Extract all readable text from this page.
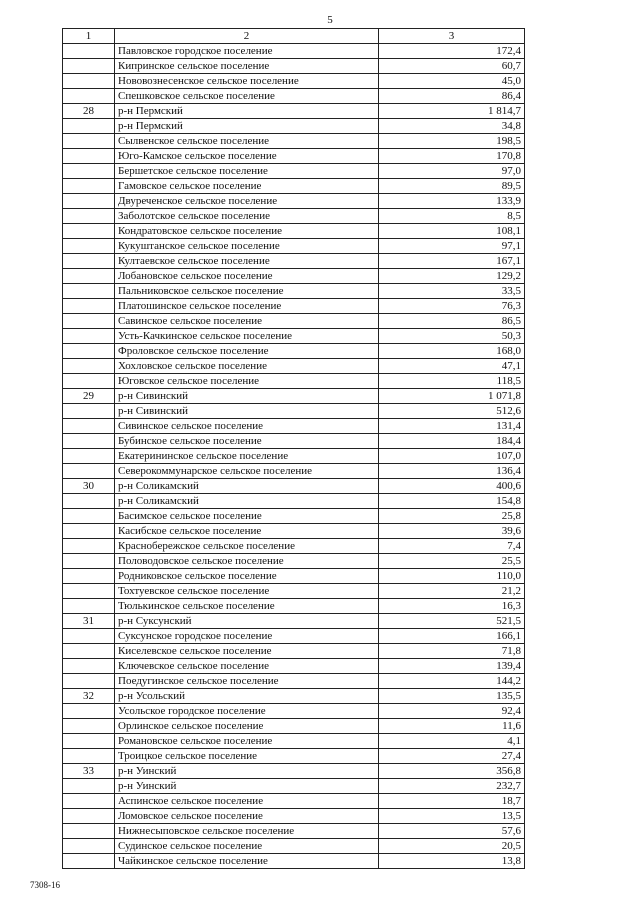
5
1	2	3
	Павловское городское поселение	172,4
	Кипринское сельское поселение	60,7
	Нововознесенское сельское поселение	45,0
	Спешковское сельское поселение	86,4
28	р-н Пермский	1 814,7
	р-н Пермский	34,8
	Сылвенское сельское поселение	198,5
	Юго-Камское сельское поселение	170,8
	Бершетское сельское поселение	97,0
	Гамовское сельское поселение	89,5
	Двуреченское сельское поселение	133,9
	Заболотское сельское поселение	8,5
	Кондратовское сельское поселение	108,1
	Кукуштанское сельское поселение	97,1
	Култаевское сельское поселение	167,1
	Лобановское сельское поселение	129,2
	Пальниковское сельское поселение	33,5
	Платошинское сельское поселение	76,3
	Савинское сельское поселение	86,5
	Усть-Качкинское сельское поселение	50,3
	Фроловское сельское поселение	168,0
	Хохловское сельское поселение	47,1
	Юговское сельское поселение	118,5
29	р-н Сивинский	1 071,8
	р-н Сивинский	512,6
	Сивинское сельское поселение	131,4
	Бубинское сельское поселение	184,4
	Екатерининское сельское поселение	107,0
	Северокоммунарское сельское поселение	136,4
30	р-н Соликамский	400,6
	р-н Соликамский	154,8
	Басимское сельское поселение	25,8
	Касибское сельское поселение	39,6
	Краснобережское сельское поселение	7,4
	Половодовское сельское поселение	25,5
	Родниковское сельское поселение	110,0
	Тохтуевское сельское поселение	21,2
	Тюлькинское сельское поселение	16,3
31	р-н Суксунский	521,5
	Суксунское городское поселение	166,1
	Киселевское сельское поселение	71,8
	Ключевское сельское поселение	139,4
	Поедугинское сельское поселение	144,2
32	р-н Усольский	135,5
	Усольское городское поселение	92,4
	Орлинское сельское поселение	11,6
	Романовское сельское поселение	4,1
	Троицкое сельское поселение	27,4
33	р-н Уинский	356,8
	р-н Уинский	232,7
	Аспинское сельское поселение	18,7
	Ломовское сельское поселение	13,5
	Нижнесыповское сельское поселение	57,6
	Судинское сельское поселение	20,5
	Чайкинское сельское поселение	13,8
7308-16
